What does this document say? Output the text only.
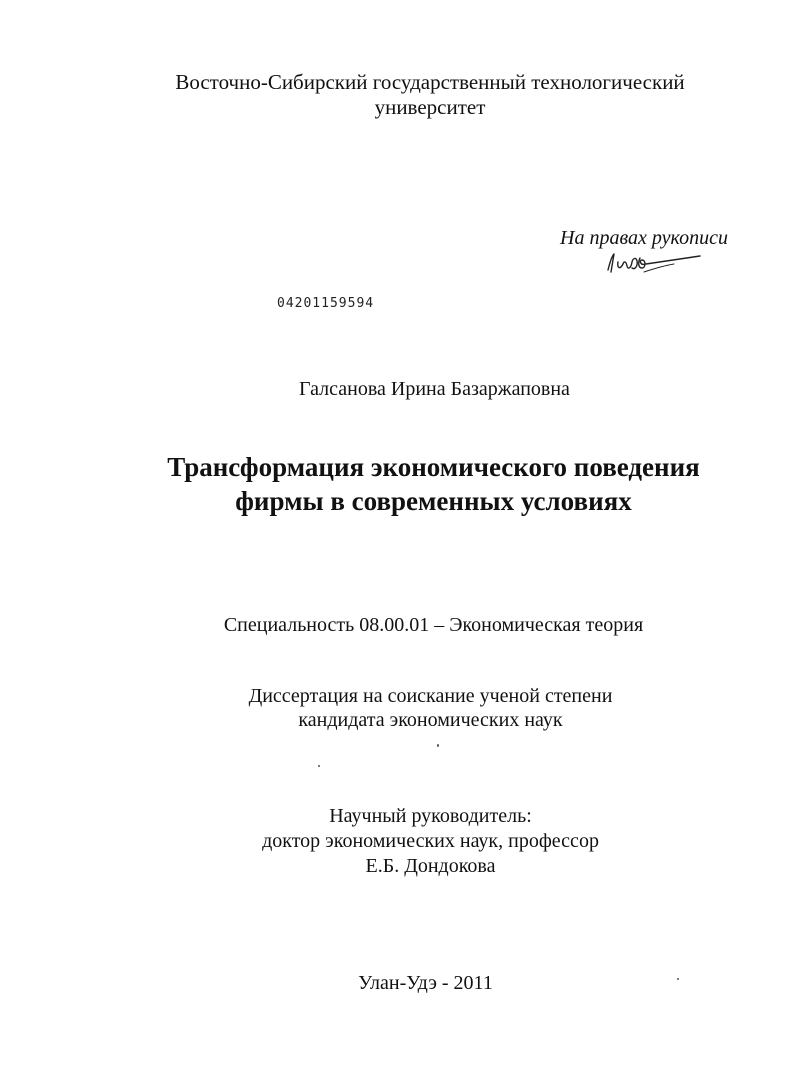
Восточно-Сибирский государственный технологический
университет
На правах рукописи
04201159594
Галсанова Ирина Базаржаповна
Трансформация экономического поведения
фирмы в современных условиях
Специальность 08.00.01 – Экономическая теория
Диссертация на соискание ученой степени
кандидата экономических наук
Научный руководитель:
доктор экономических наук, профессор
Е.Б. Дондокова
Улан-Удэ - 2011
